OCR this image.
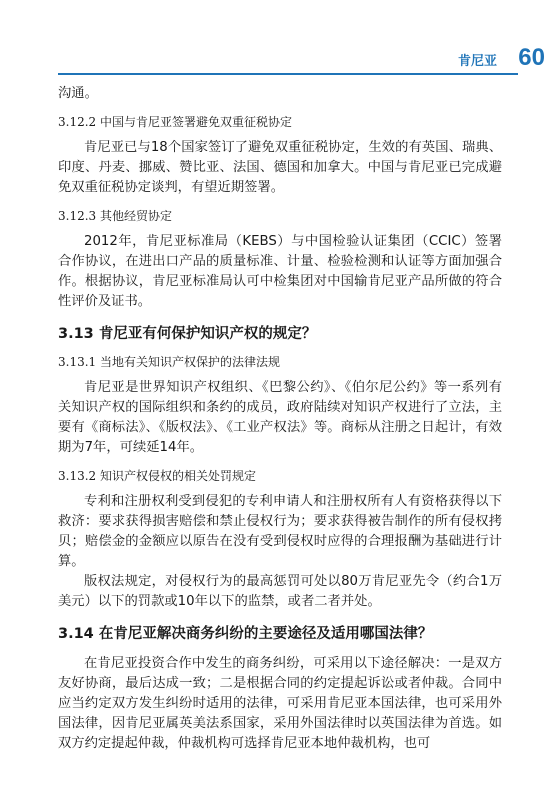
肯尼亚 60

沟通。

3.12.2 中国与肯尼亚签署避免双重征税协定

肯尼亚已与18个国家签订了避免双重征税协定，生效的有英国、瑞典、印度、丹麦、挪威、赞比亚、法国、德国和加拿大。中国与肯尼亚已完成避免双重征税协定谈判，有望近期签署。

3.12.3 其他经贸协定

2012年，肯尼亚标准局（KEBS）与中国检验认证集团（CCIC）签署合作协议，在进出口产品的质量标准、计量、检验检测和认证等方面加强合作。根据协议，肯尼亚标准局认可中检集团对中国输肯尼亚产品所做的符合性评价及证书。

3.13 肯尼亚有何保护知识产权的规定？
3.13.1 当地有关知识产权保护的法律法规

肯尼亚是世界知识产权组织、《巴黎公约》、《伯尔尼公约》等一系列有关知识产权的国际组织和条约的成员，政府陆续对知识产权进行了立法，主要有《商标法》、《版权法》、《工业产权法》等。商标从注册之日起计，有效期为7年，可续延14年。

3.13.2 知识产权侵权的相关处罚规定

专利和注册权利受到侵犯的专利申请人和注册权所有人有资格获得以下救济：要求获得损害赔偿和禁止侵权行为；要求获得被告制作的所有侵权拷贝；赔偿金的金额应以原告在没有受到侵权时应得的合理报酬为基础进行计算。

版权法规定，对侵权行为的最高惩罚可处以80万肯尼亚先令（约合1万美元）以下的罚款或10年以下的监禁，或者二者并处。

3.14 在肯尼亚解决商务纠纷的主要途径及适用哪国法律？

在肯尼亚投资合作中发生的商务纠纷，可采用以下途径解决：一是双方友好协商，最后达成一致；二是根据合同的约定提起诉讼或者仲裁。合同中应当约定双方发生纠纷时适用的法律，可采用肯尼亚本国法律，也可采用外国法律，因肯尼亚属英美法系国家，采用外国法律时以英国法律为首选。如双方约定提起仲裁，仲裁机构可选择肯尼亚本地仲裁机构，也可
